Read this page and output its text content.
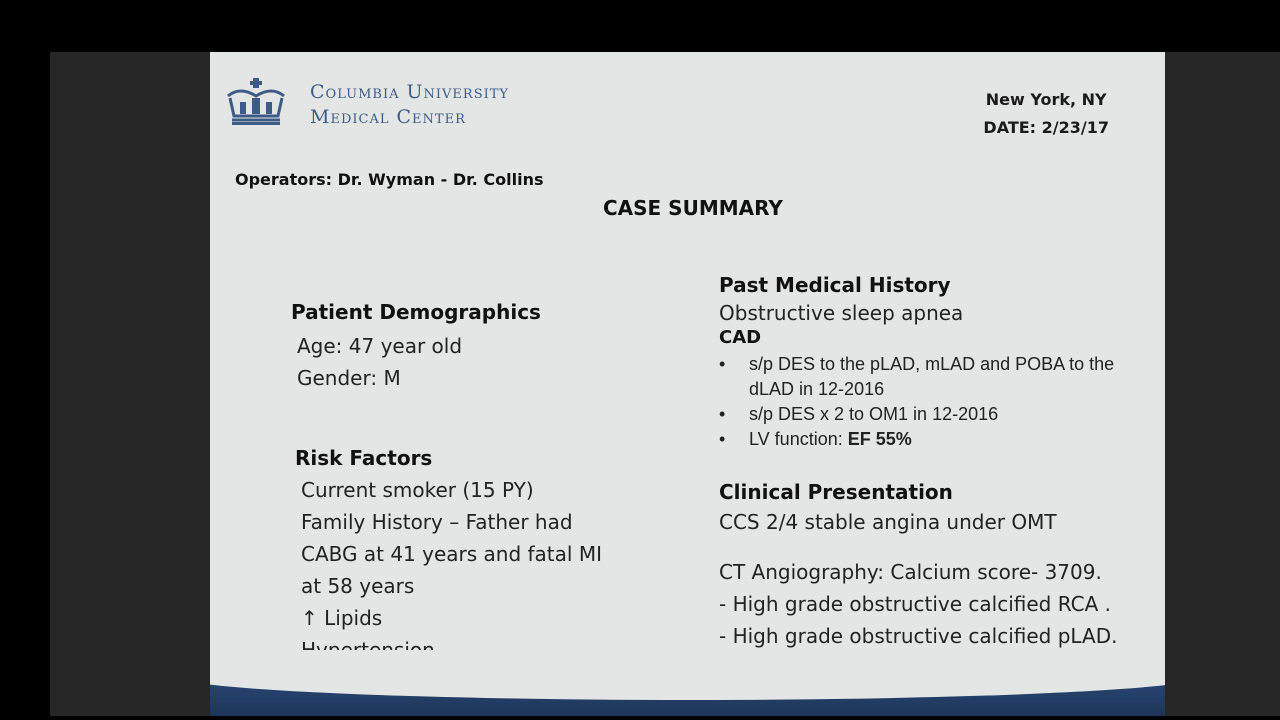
Columbia University
Medical Center
New York, NY
DATE: 2/23/17
Operators: Dr. Wyman - Dr. Collins
CASE SUMMARY
Patient Demographics
Age: 47 year old
Gender: M
Risk Factors
Current smoker (15 PY)
Family History – Father had
CABG at 41 years and fatal MI
at 58 years
↑ Lipids
Past Medical History
Obstructive sleep apnea
CAD
• s/p DES to the pLAD, mLAD and POBA to the dLAD in 12-2016
• s/p DES x 2 to OM1 in 12-2016
• LV function: EF 55%
Clinical Presentation
CCS 2/4 stable angina under OMT
CT Angiography: Calcium score- 3709.
- High grade obstructive calcified RCA .
- High grade obstructive calcified pLAD.
